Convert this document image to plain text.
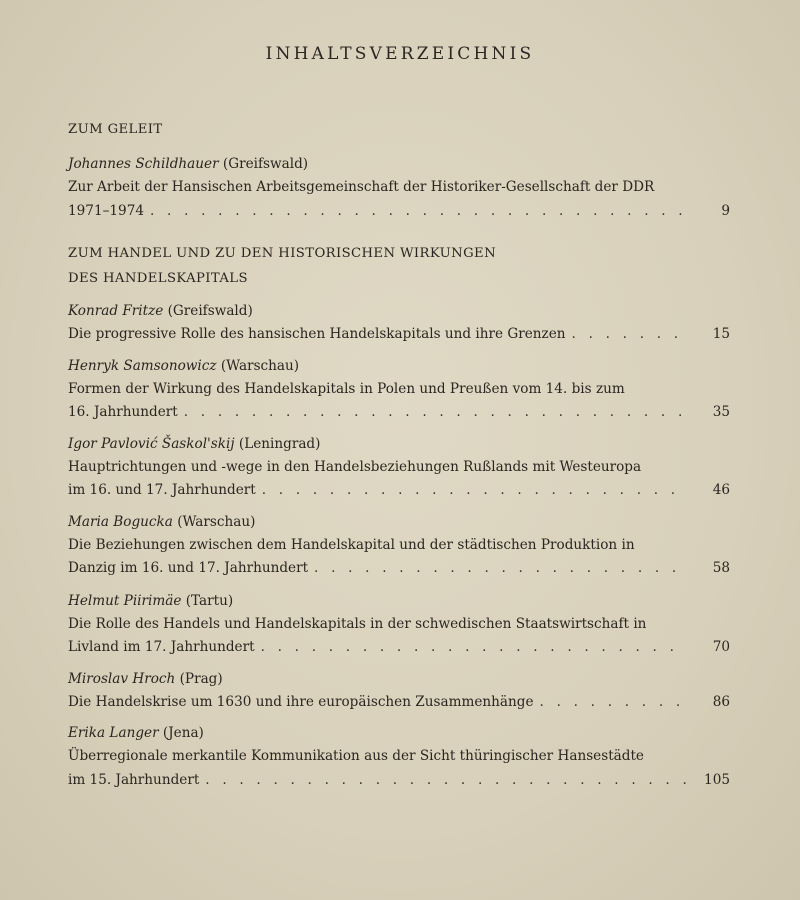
INHALTSVERZEICHNIS
ZUM GELEIT
Johannes Schildhauer (Greifswald)
Zur Arbeit der Hansischen Arbeitsgemeinschaft der Historiker-Gesellschaft der DDR
1971–1974 . . .	9
ZUM HANDEL UND ZU DEN HISTORISCHEN WIRKUNGEN
DES HANDELSKAPITALS
Konrad Fritze (Greifswald)
Die progressive Rolle des hansischen Handelskapitals und ihre Grenzen . . .	15
Henryk Samsonowicz (Warschau)
Formen der Wirkung des Handelskapitals in Polen und Preußen vom 14. bis zum
16. Jahrhundert . . .	35
Igor Pavlović Šaskol'skij (Leningrad)
Hauptrichtungen und -wege in den Handelsbeziehungen Rußlands mit Westeuropa
im 16. und 17. Jahrhundert . . .	46
Maria Bogucka (Warschau)
Die Beziehungen zwischen dem Handelskapital und der städtischen Produktion in
Danzig im 16. und 17. Jahrhundert . . .	58
Helmut Piirimäe (Tartu)
Die Rolle des Handels und Handelskapitals in der schwedischen Staatswirtschaft in
Livland im 17. Jahrhundert . . .	70
Miroslav Hroch (Prag)
Die Handelskrise um 1630 und ihre europäischen Zusammenhänge . . .	86
Erika Langer (Jena)
Überregionale merkantile Kommunikation aus der Sicht thüringischer Hansestädte
im 15. Jahrhundert . . .	105
